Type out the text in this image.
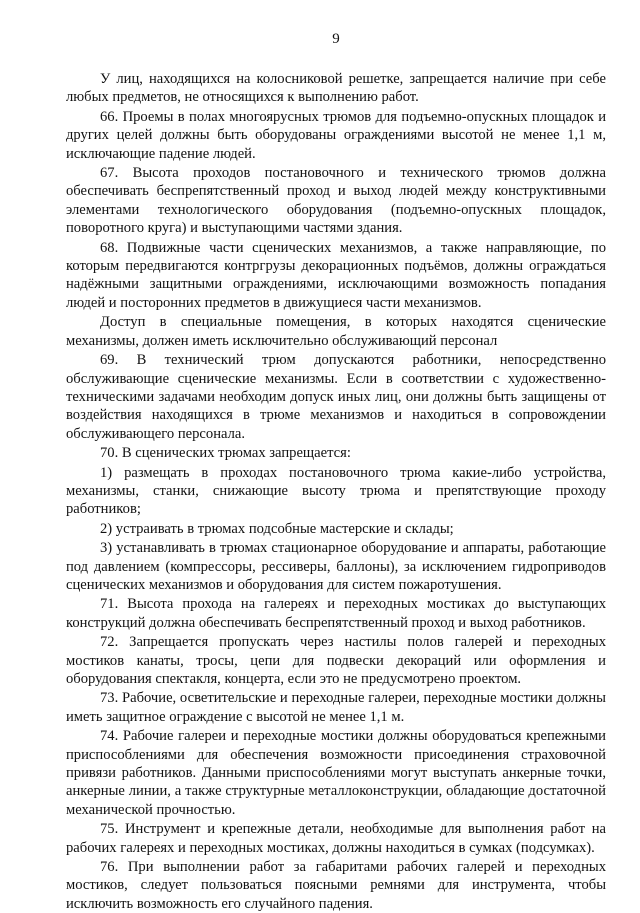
9

У лиц, находящихся на колосниковой решетке, запрещается наличие при себе любых предметов, не относящихся к выполнению работ.

66. Проемы в полах многоярусных трюмов для подъемно-опускных площадок и других целей должны быть оборудованы ограждениями высотой не менее 1,1 м, исключающие падение людей.

67. Высота проходов постановочного и технического трюмов должна обеспечивать беспрепятственный проход и выход людей между конструктивными элементами технологического оборудования (подъемно-опускных площадок, поворотного круга) и выступающими частями здания.

68. Подвижные части сценических механизмов, а также направляющие, по которым передвигаются контргрузы декорационных подъёмов, должны ограждаться надёжными защитными ограждениями, исключающими возможность попадания людей и посторонних предметов в движущиеся части механизмов.

Доступ в специальные помещения, в которых находятся сценические механизмы, должен иметь исключительно обслуживающий персонал

69. В технический трюм допускаются работники, непосредственно обслуживающие сценические механизмы. Если в соответствии с художественно-техническими задачами необходим допуск иных лиц, они должны быть защищены от воздействия находящихся в трюме механизмов и находиться в сопровождении обслуживающего персонала.

70. В сценических трюмах запрещается:

1) размещать в проходах постановочного трюма какие-либо устройства, механизмы, станки, снижающие высоту трюма и препятствующие проходу работников;

2) устраивать в трюмах подсобные мастерские и склады;

3) устанавливать в трюмах стационарное оборудование и аппараты, работающие под давлением (компрессоры, рессиверы, баллоны), за исключением гидроприводов сценических механизмов и оборудования для систем пожаротушения.

71. Высота прохода на галереях и переходных мостиках до выступающих конструкций должна обеспечивать беспрепятственный проход и выход работников.

72. Запрещается пропускать через настилы полов галерей и переходных мостиков канаты, тросы, цепи для подвески декораций или оформления и оборудования спектакля, концерта, если это не предусмотрено проектом.

73. Рабочие, осветительские и переходные галереи, переходные мостики должны иметь защитное ограждение с высотой не менее 1,1 м.

74. Рабочие галереи и переходные мостики должны оборудоваться крепежными приспособлениями для обеспечения возможности присоединения страховочной привязи работников. Данными приспособлениями могут выступать анкерные точки, анкерные линии, а также структурные металлоконструкции, обладающие достаточной механической прочностью.

75. Инструмент и крепежные детали, необходимые для выполнения работ на рабочих галереях и переходных мостиках, должны находиться в сумках (подсумках).

76. При выполнении работ за габаритами рабочих галерей и переходных мостиков, следует пользоваться поясными ремнями для инструмента, чтобы исключить возможность его случайного падения.
